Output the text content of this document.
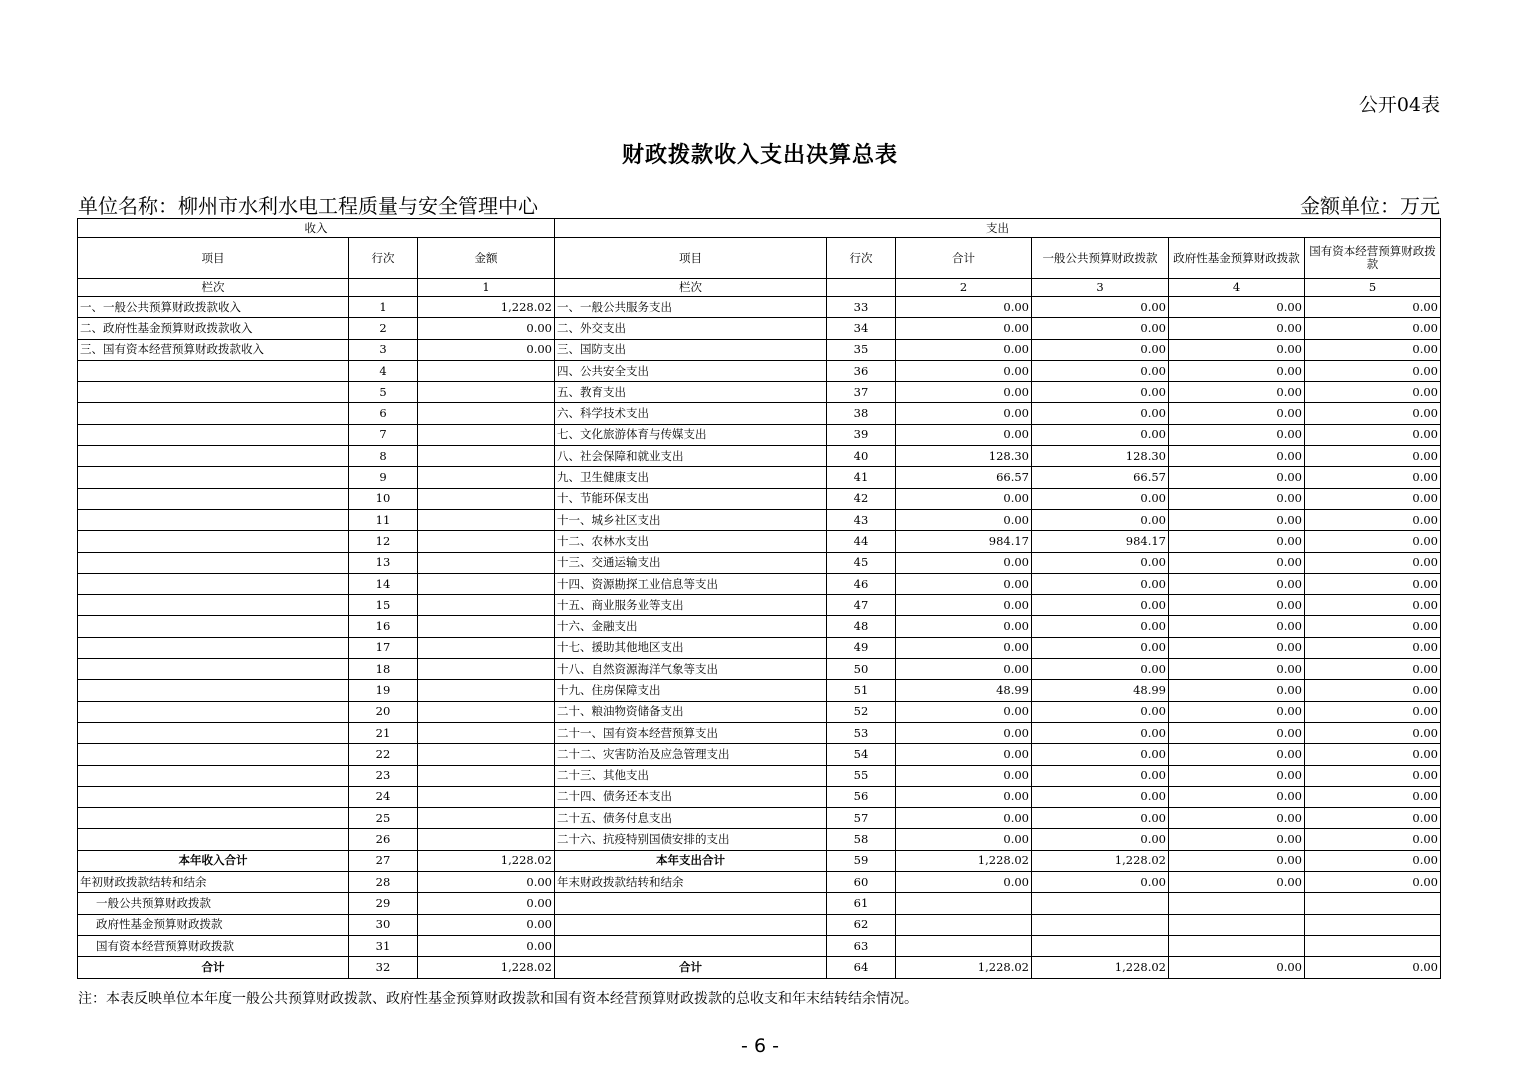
公开04表
财政拨款收入支出决算总表
单位名称：柳州市水利水电工程质量与安全管理中心	金额单位：万元
收入			支出					
项目	行次	金额	项目	行次	合计	一般公共预算财政拨款	政府性基金预算财政拨款	国有资本经营预算财政拨款
栏次		1	栏次		2	3	4	5
一、一般公共预算财政拨款收入	1	1,228.02	一、一般公共服务支出	33	0.00	0.00	0.00	0.00
二、政府性基金预算财政拨款收入	2	0.00	二、外交支出	34	0.00	0.00	0.00	0.00
三、国有资本经营预算财政拨款收入	3	0.00	三、国防支出	35	0.00	0.00	0.00	0.00
	4		四、公共安全支出	36	0.00	0.00	0.00	0.00
	5		五、教育支出	37	0.00	0.00	0.00	0.00
	6		六、科学技术支出	38	0.00	0.00	0.00	0.00
	7		七、文化旅游体育与传媒支出	39	0.00	0.00	0.00	0.00
	8		八、社会保障和就业支出	40	128.30	128.30	0.00	0.00
	9		九、卫生健康支出	41	66.57	66.57	0.00	0.00
	10		十、节能环保支出	42	0.00	0.00	0.00	0.00
	11		十一、城乡社区支出	43	0.00	0.00	0.00	0.00
	12		十二、农林水支出	44	984.17	984.17	0.00	0.00
	13		十三、交通运输支出	45	0.00	0.00	0.00	0.00
	14		十四、资源勘探工业信息等支出	46	0.00	0.00	0.00	0.00
	15		十五、商业服务业等支出	47	0.00	0.00	0.00	0.00
	16		十六、金融支出	48	0.00	0.00	0.00	0.00
	17		十七、援助其他地区支出	49	0.00	0.00	0.00	0.00
	18		十八、自然资源海洋气象等支出	50	0.00	0.00	0.00	0.00
	19		十九、住房保障支出	51	48.99	48.99	0.00	0.00
	20		二十、粮油物资储备支出	52	0.00	0.00	0.00	0.00
	21		二十一、国有资本经营预算支出	53	0.00	0.00	0.00	0.00
	22		二十二、灾害防治及应急管理支出	54	0.00	0.00	0.00	0.00
	23		二十三、其他支出	55	0.00	0.00	0.00	0.00
	24		二十四、债务还本支出	56	0.00	0.00	0.00	0.00
	25		二十五、债务付息支出	57	0.00	0.00	0.00	0.00
	26		二十六、抗疫特别国债安排的支出	58	0.00	0.00	0.00	0.00
本年收入合计	27	1,228.02	本年支出合计	59	1,228.02	1,228.02	0.00	0.00
年初财政拨款结转和结余	28	0.00	年末财政拨款结转和结余	60	0.00	0.00	0.00	0.00
一般公共预算财政拨款	29	0.00		61				
政府性基金预算财政拨款	30	0.00		62				
国有资本经营预算财政拨款	31	0.00		63				
合计	32	1,228.02	合计	64	1,228.02	1,228.02	0.00	0.00
注：本表反映单位本年度一般公共预算财政拨款、政府性基金预算财政拨款和国有资本经营预算财政拨款的总收支和年末结转结余情况。
- 6 -
